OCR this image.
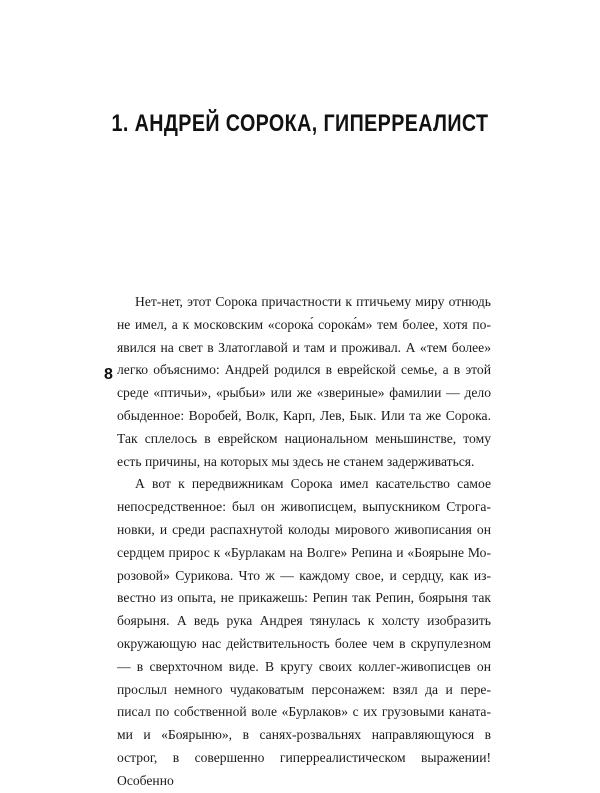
1. АНДРЕЙ СОРОКА, ГИПЕРРЕАЛИСТ
8

Нет-нет, этот Сорока причастности к птичьему миру отнюдь не имел, а к московским «сорока́ сорока́м» тем более, хотя появился на свет в Златоглавой и там и проживал. А «тем более» легко объяснимо: Андрей родился в еврейской семье, а в этой среде «птичьи», «рыбьи» или же «звериные» фамилии — дело обыденное: Воробей, Волк, Карп, Лев, Бык. Или та же Сорока. Так сплелось в еврейском национальном меньшинстве, тому есть причины, на которых мы здесь не станем задерживаться.

А вот к передвижникам Сорока имел касательство самое непосредственное: был он живописцем, выпускником Строгановки, и среди распахнутой колоды мирового живописания он сердцем прирос к «Бурлакам на Волге» Репина и «Боярыне Морозовой» Сурикова. Что ж — каждому свое, и сердцу, как известно из опыта, не прикажешь: Репин так Репин, боярыня так боярыня. А ведь рука Андрея тянулась к холсту изобразить окружающую нас действительность более чем в скрупулезном — в сверхточном виде. В кругу своих коллег-живописцев он прослыл немного чудаковатым персонажем: взял да и переписал по собственной воле «Бурлаков» с их грузовыми канатами и «Боярыню», в санях-розвальнях направляющуюся в острог, в совершенно гиперреалистическом выражении! Особенно
